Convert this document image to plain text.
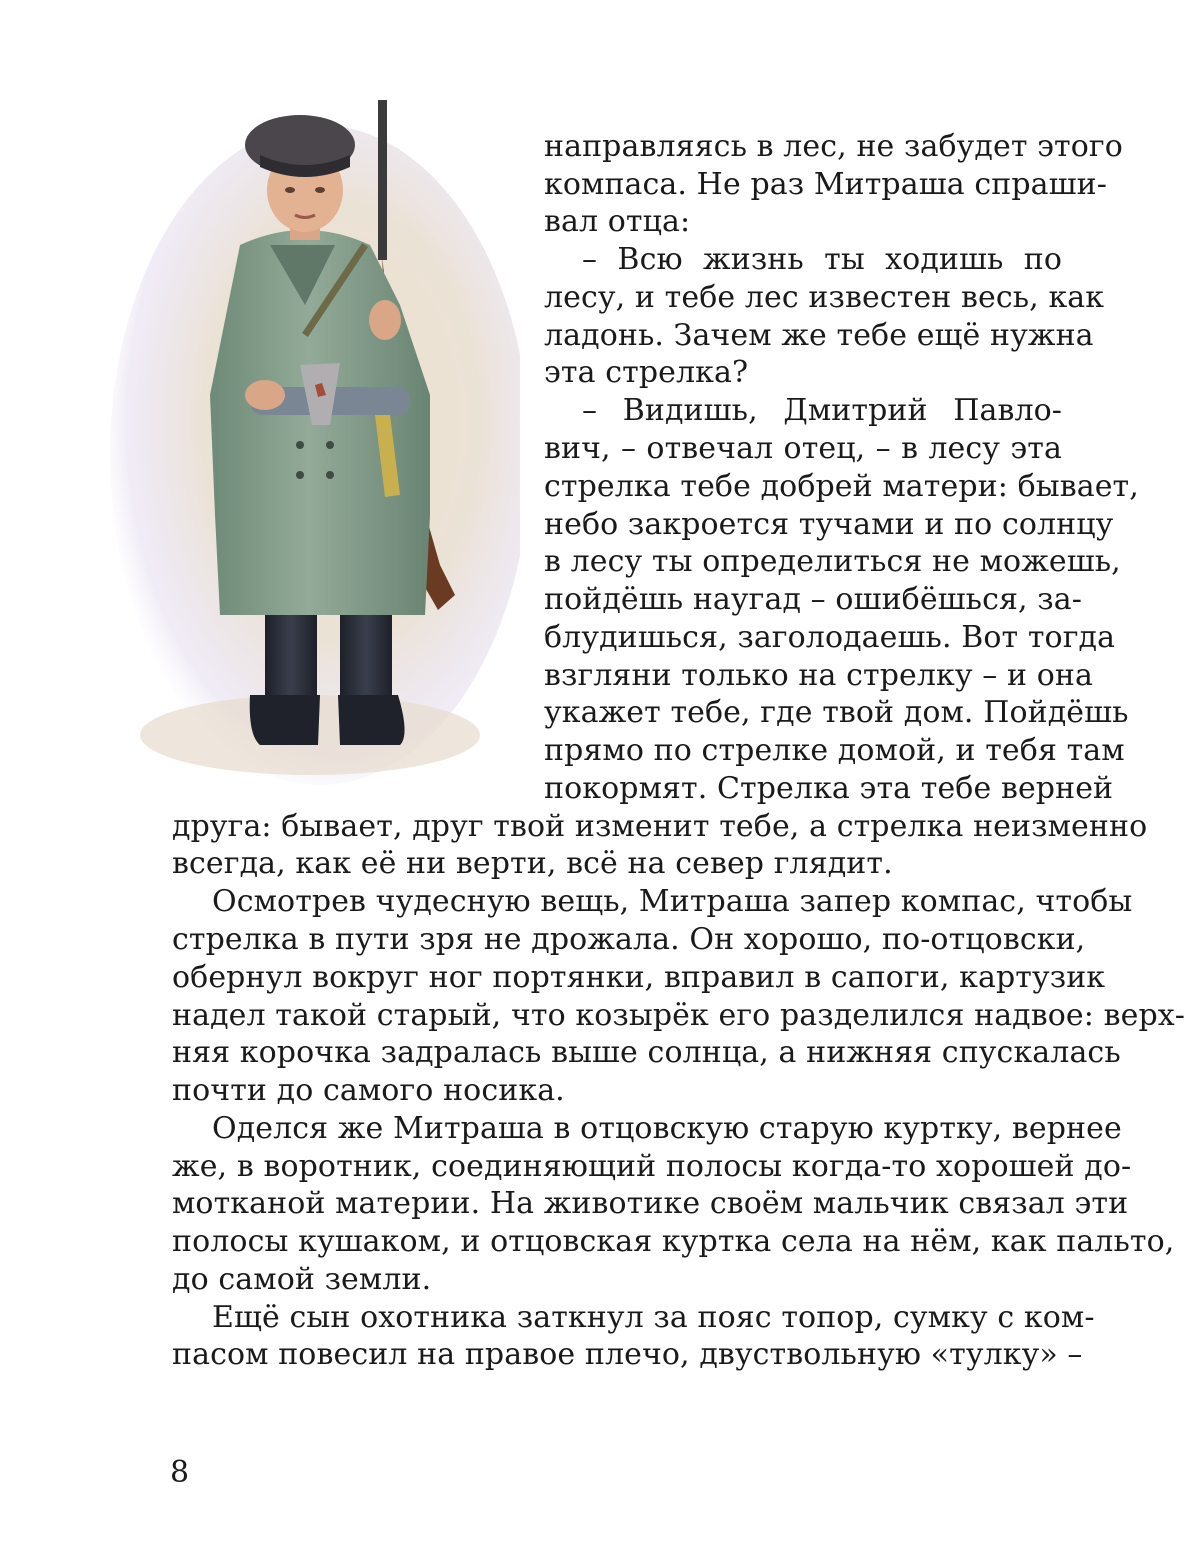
направляясь в лес, не забудет этого
компаса. Не раз Митраша спраши-
вал отца:
– Всю жизнь ты ходишь по
лесу, и тебе лес известен весь, как
ладонь. Зачем же тебе ещё нужна
эта стрелка?
– Видишь, Дмитрий Павло-
вич, – отвечал отец, – в лесу эта
стрелка тебе добрей матери: бывает,
небо закроется тучами и по солнцу
в лесу ты определиться не можешь,
пойдёшь наугад – ошибёшься, за-
блудишься, заголодаешь. Вот тогда
взгляни только на стрелку – и она
укажет тебе, где твой дом. Пойдёшь
прямо по стрелке домой, и тебя там
покормят. Стрелка эта тебе верней
друга: бывает, друг твой изменит тебе, а стрелка неизменно
всегда, как её ни верти, всё на север глядит.
Осмотрев чудесную вещь, Митраша запер компас, чтобы
стрелка в пути зря не дрожала. Он хорошо, по-отцовски,
обернул вокруг ног портянки, вправил в сапоги, картузик
надел такой старый, что козырёк его разделился надвое: верх-
няя корочка задралась выше солнца, а нижняя спускалась
почти до самого носика.
Оделся же Митраша в отцовскую старую куртку, вернее
же, в воротник, соединяющий полосы когда-то хорошей до-
мотканой материи. На животике своём мальчик связал эти
полосы кушаком, и отцовская куртка села на нём, как пальто,
до самой земли.
Ещё сын охотника заткнул за пояс топор, сумку с ком-
пасом повесил на правое плечо, двуствольную «тулку» –
8
